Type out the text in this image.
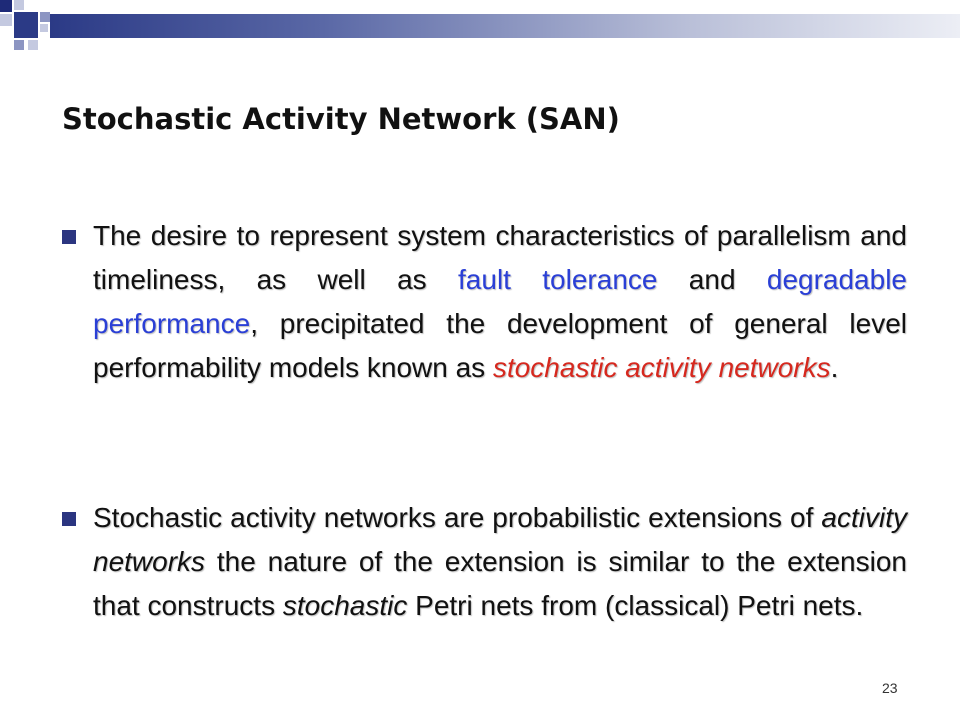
Stochastic Activity Network (SAN)

The desire to represent system characteristics of parallelism and timeliness, as well as fault tolerance and degradable performance, precipitated the development of general level performability models known as stochastic activity networks.

Stochastic activity networks are probabilistic extensions of activity networks the nature of the extension is similar to the extension that constructs stochastic Petri nets from (classical) Petri nets.

23
